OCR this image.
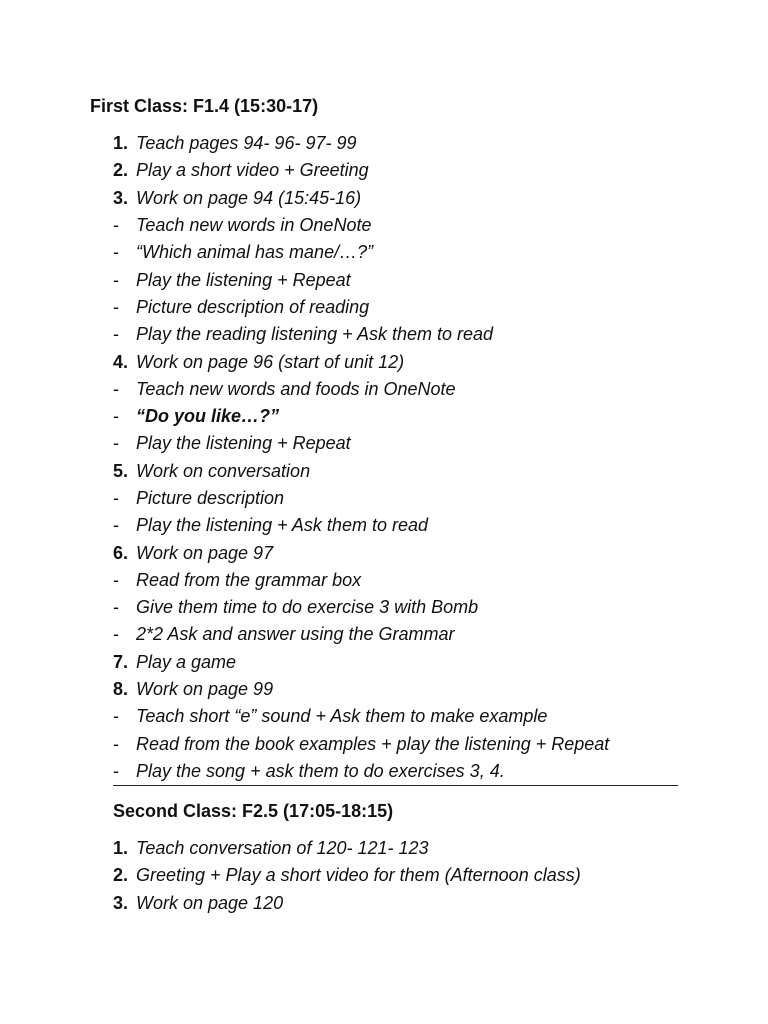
First Class: F1.4 (15:30-17)
1. Teach pages 94- 96- 97- 99
2. Play a short video + Greeting
3. Work on page 94 (15:45-16)
- Teach new words in OneNote
- “Which animal has mane/…?”
- Play the listening + Repeat
- Picture description of reading
- Play the reading listening + Ask them to read
4. Work on page 96 (start of unit 12)
- Teach new words and foods in OneNote
- “Do you like…?”
- Play the listening + Repeat
5. Work on conversation
- Picture description
- Play the listening + Ask them to read
6. Work on page 97
- Read from the grammar box
- Give them time to do exercise 3 with Bomb
- 2*2 Ask and answer using the Grammar
7. Play a game
8. Work on page 99
- Teach short “e” sound + Ask them to make example
- Read from the book examples + play the listening + Repeat
- Play the song + ask them to do exercises 3, 4.
Second Class: F2.5 (17:05-18:15)
1. Teach conversation of 120- 121- 123
2. Greeting + Play a short video for them (Afternoon class)
3. Work on page 120
